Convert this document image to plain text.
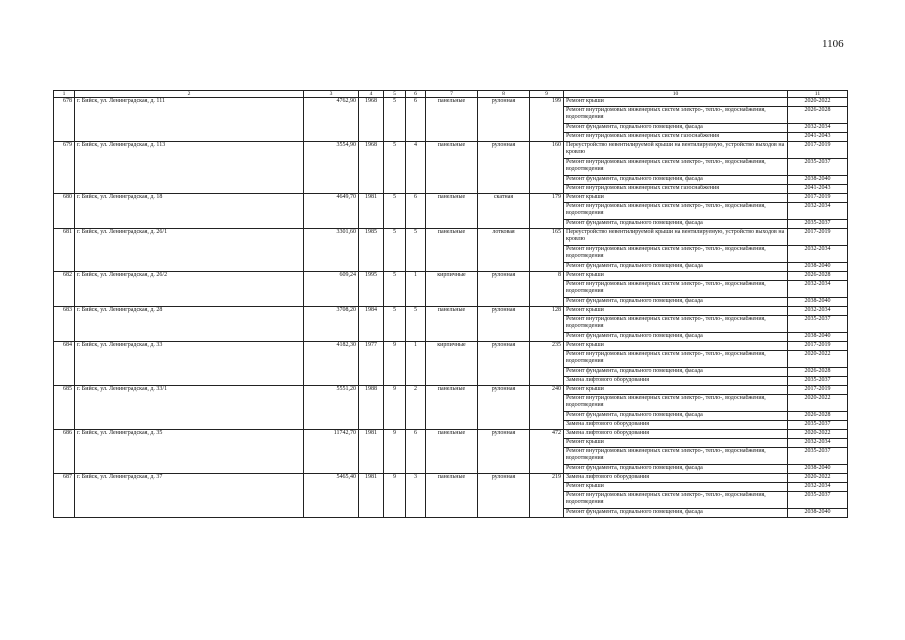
1106
1	2	3	4	5	6	7	8	9	10	11
678	г. Бийск, ул. Ленинградская, д. 111	4762,90	1968	5	6	панельные	рулонная	199	Ремонт крыши	2020-2022
									Ремонт внутридомовых инженерных систем электро-, тепло-, водоснабжения, водоотведения	2026-2028
									Ремонт фундамента, подвального помещения, фасада	2032-2034
									Ремонт внутридомовых инженерных систем газоснабжения	2041-2043
679	г. Бийск, ул. Ленинградская, д. 113	3554,90	1968	5	4	панельные	рулонная	160	Переустройство невентилируемой крыши на вентилируемую, устройство выходов на кровлю	2017-2019
									Ремонт внутридомовых инженерных систем электро-, тепло-, водоснабжения, водоотведения	2035-2037
									Ремонт фундамента, подвального помещения, фасада	2038-2040
									Ремонт внутридомовых инженерных систем газоснабжения	2041-2043
680	г. Бийск, ул. Ленинградская, д. 18	4649,70	1981	5	6	панельные	скатная	179	Ремонт крыши	2017-2019
									Ремонт внутридомовых инженерных систем электро-, тепло-, водоснабжения, водоотведения	2032-2034
									Ремонт фундамента, подвального помещения, фасада	2035-2037
681	г. Бийск, ул. Ленинградская, д. 26/1	3301,60	1985	5	5	панельные	лотковая	165	Переустройство невентилируемой крыши на вентилируемую, устройство выходов на кровлю	2017-2019
									Ремонт внутридомовых инженерных систем электро-, тепло-, водоснабжения, водоотведения	2032-2034
									Ремонт фундамента, подвального помещения, фасада	2038-2040
682	г. Бийск, ул. Ленинградская, д. 26/2	609,24	1995	5	1	кирпичные	рулонная	8	Ремонт крыши	2026-2028
									Ремонт внутридомовых инженерных систем электро-, тепло-, водоснабжения, водоотведения	2032-2034
									Ремонт фундамента, подвального помещения, фасада	2038-2040
683	г. Бийск, ул. Ленинградская, д. 28	3708,20	1984	5	5	панельные	рулонная	128	Ремонт крыши	2032-2034
									Ремонт внутридомовых инженерных систем электро-, тепло-, водоснабжения, водоотведения	2035-2037
									Ремонт фундамента, подвального помещения, фасада	2038-2040
684	г. Бийск, ул. Ленинградская, д. 33	4182,30	1977	9	1	кирпичные	рулонная	235	Ремонт крыши	2017-2019
									Ремонт внутридомовых инженерных систем электро-, тепло-, водоснабжения, водоотведения	2020-2022
									Ремонт фундамента, подвального помещения, фасада	2026-2028
									Замена лифтового оборудования	2035-2037
685	г. Бийск, ул. Ленинградская, д. 33/1	5551,20	1988	9	2	панельные	рулонная	240	Ремонт крыши	2017-2019
									Ремонт внутридомовых инженерных систем электро-, тепло-, водоснабжения, водоотведения	2020-2022
									Ремонт фундамента, подвального помещения, фасада	2026-2028
									Замена лифтового оборудования	2035-2037
686	г. Бийск, ул. Ленинградская, д. 35	11742,70	1981	9	6	панельные	рулонная	472	Замена лифтового оборудования	2020-2022
									Ремонт крыши	2032-2034
									Ремонт внутридомовых инженерных систем электро-, тепло-, водоснабжения, водоотведения	2035-2037
									Ремонт фундамента, подвального помещения, фасада	2038-2040
687	г. Бийск, ул. Ленинградская, д. 37	5465,40	1981	9	3	панельные	рулонная	219	Замена лифтового оборудования	2020-2022
									Ремонт крыши	2032-2034
									Ремонт внутридомовых инженерных систем электро-, тепло-, водоснабжения, водоотведения	2035-2037
									Ремонт фундамента, подвального помещения, фасада	2038-2040
